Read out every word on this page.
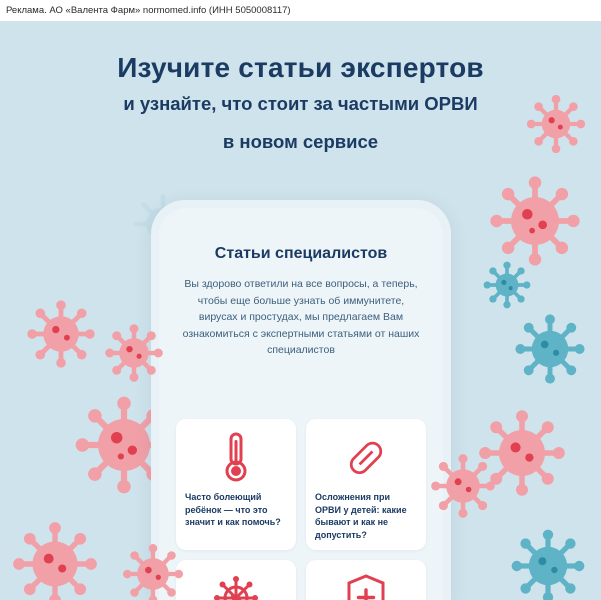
Реклама. АО «Валента Фарм» normomed.info (ИНН 5050008117)
Статьи специалистов
Вы здорово ответили на все вопросы, а теперь, чтобы еще больше узнать об иммунитете, вирусах и простудах, мы предлагаем Вам ознакомиться с экспертными статьями от наших специалистов
Часто болеющий ребёнок — что это значит и как помочь?
Осложнения при ОРВИ у детей: какие бывают и как не допустить?
Изучите статьи экспертов
и узнайте, что стоит за частыми ОРВИ
в новом сервисе
